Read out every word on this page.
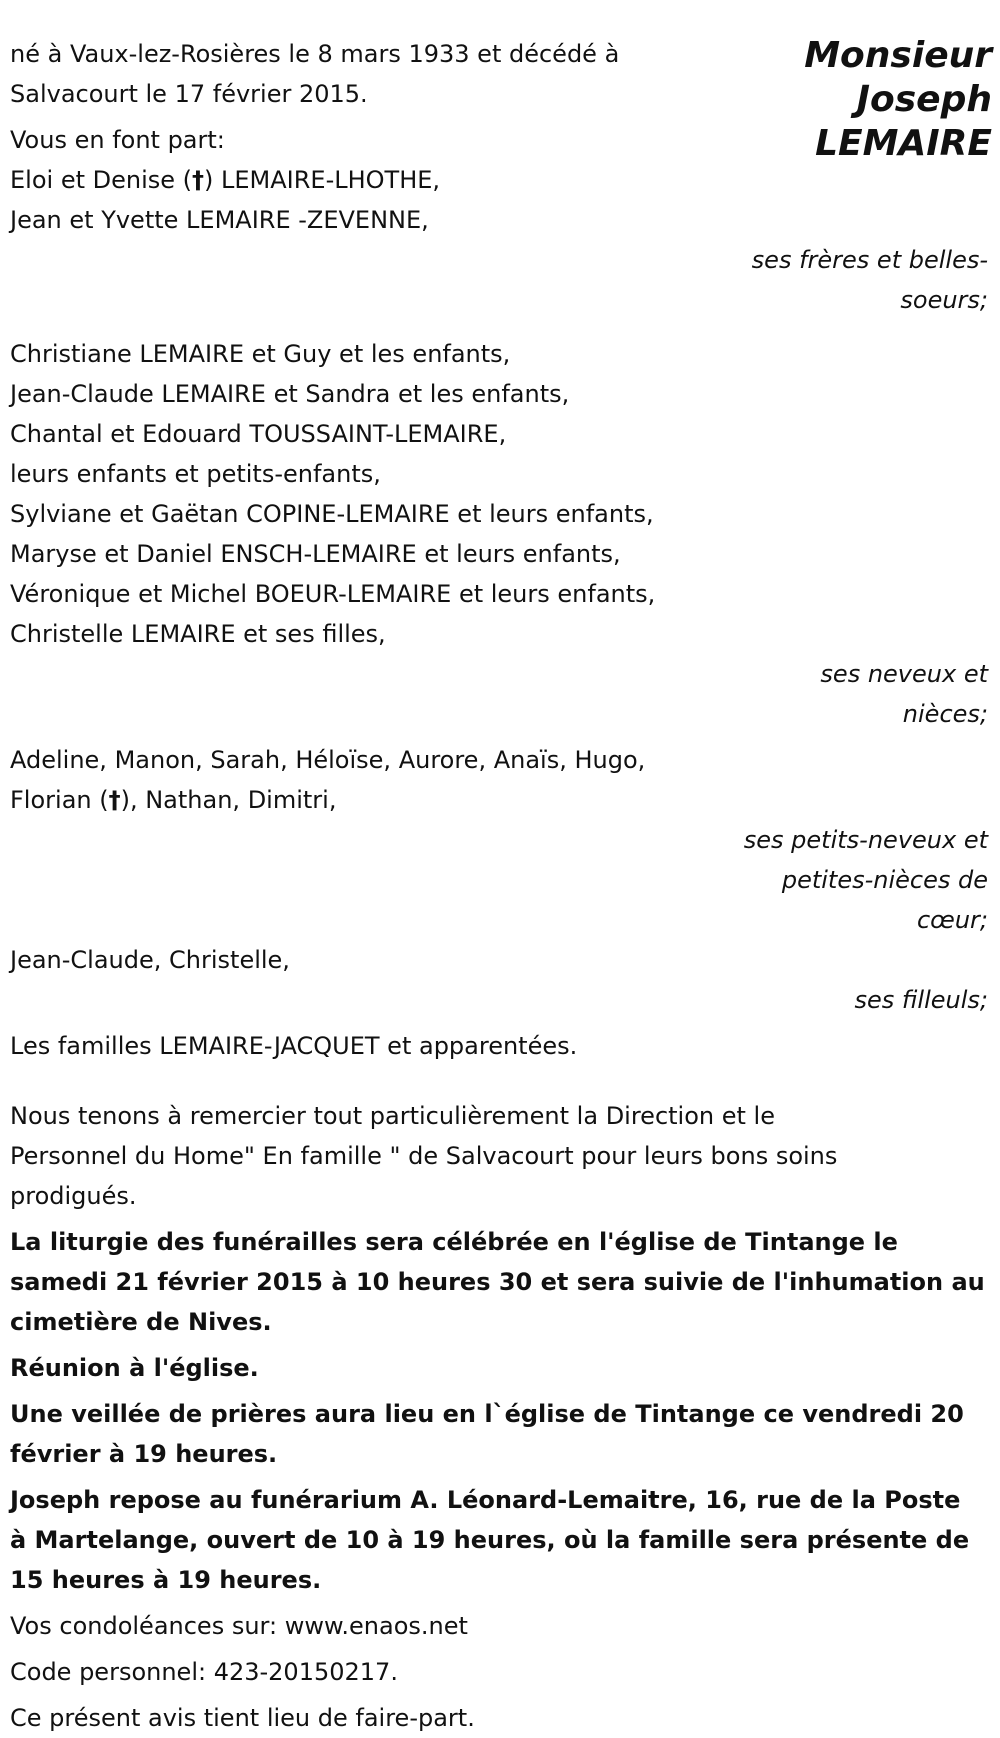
Monsieur
Joseph
LEMAIRE
né à Vaux-lez-Rosières le 8 mars 1933 et décédé à
Salvacourt le 17 février 2015.
Vous en font part:
Eloi et Denise (†) LEMAIRE-LHOTHE,
Jean et Yvette LEMAIRE -ZEVENNE,
ses frères et belles-
soeurs;
Christiane LEMAIRE et Guy et les enfants,
Jean-Claude LEMAIRE et Sandra et les enfants,
Chantal et Edouard TOUSSAINT-LEMAIRE,
leurs enfants et petits-enfants,
Sylviane et Gaëtan COPINE-LEMAIRE et leurs enfants,
Maryse et Daniel ENSCH-LEMAIRE et leurs enfants,
Véronique et Michel BOEUR-LEMAIRE et leurs enfants,
Christelle LEMAIRE et ses filles,
ses neveux et
nièces;
Adeline, Manon, Sarah, Héloïse, Aurore, Anaïs, Hugo,
Florian (†), Nathan, Dimitri,
ses petits-neveux et
petites-nièces de
cœur;
Jean-Claude, Christelle,
ses filleuls;
Les familles LEMAIRE-JACQUET et apparentées.
Nous tenons à remercier tout particulièrement la Direction et le
Personnel du Home" En famille " de Salvacourt pour leurs bons soins
prodigués.
La liturgie des funérailles sera célébrée en l'église de Tintange le
samedi 21 février 2015 à 10 heures 30 et sera suivie de l'inhumation au
cimetière de Nives.
Réunion à l'église.
Une veillée de prières aura lieu en l`église de Tintange ce vendredi 20
février à 19 heures.
Joseph repose au funérarium A. Léonard-Lemaitre, 16, rue de la Poste
à Martelange, ouvert de 10 à 19 heures, où la famille sera présente de
15 heures à 19 heures.
Vos condoléances sur: www.enaos.net
Code personnel: 423-20150217.
Ce présent avis tient lieu de faire-part.
